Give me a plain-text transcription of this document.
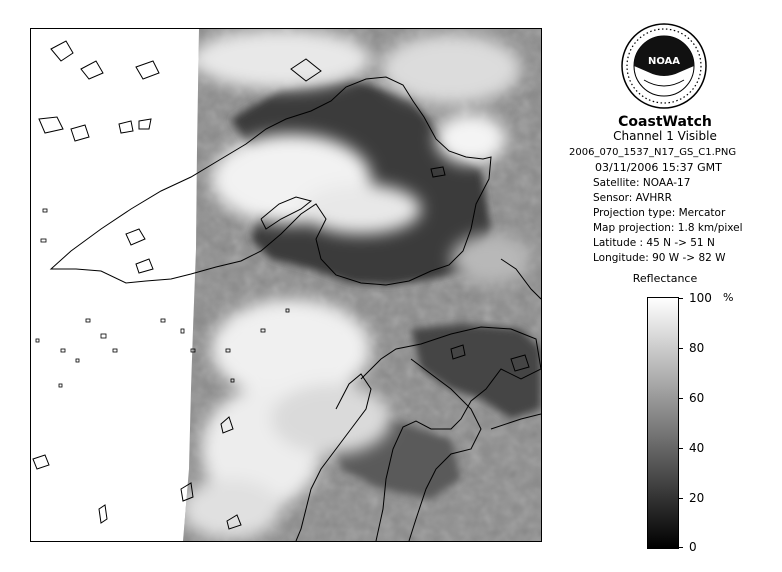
NOAA
CoastWatch
Channel 1 Visible
2006_070_1537_N17_GS_C1.PNG
03/11/2006 15:37 GMT
Satellite: NOAA-17
Sensor: AVHRR
Projection type: Mercator
Map projection: 1.8 km/pixel
Latitude : 45 N -> 51 N
Longitude: 90 W -> 82 W
Reflectance
%
100
80
60
40
20
0
